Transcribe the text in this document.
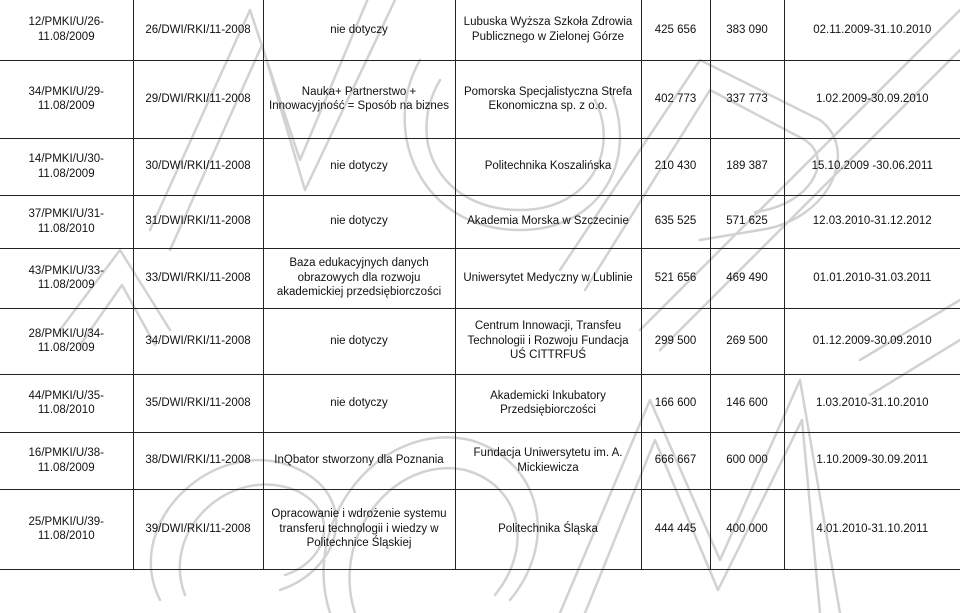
12/PMKI/U/26-11.08/2009	26/DWI/RKI/11-2008	nie dotyczy	Lubuska Wyższa Szkoła Zdrowia Publicznego w Zielonej Górze	425 656	383 090	02.11.2009-31.10.2010
34/PMKI/U/29-11.08/2009	29/DWI/RKI/11-2008	Nauka+ Partnerstwo + Innowacyjność = Sposób na biznes	Pomorska Specjalistyczna Strefa Ekonomiczna sp. z o.o.	402 773	337 773	1.02.2009-30.09.2010
14/PMKI/U/30-11.08/2009	30/DWI/RKI/11-2008	nie dotyczy	Politechnika Koszalińska	210 430	189 387	15.10.2009 -30.06.2011
37/PMKI/U/31-11.08/2010	31/DWI/RKI/11-2008	nie dotyczy	Akademia Morska w Szczecinie	635 525	571 625	12.03.2010-31.12.2012
43/PMKI/U/33-11.08/2009	33/DWI/RKI/11-2008	Baza edukacyjnych danych obrazowych dla rozwoju akademickiej przedsiębiorczości	Uniwersytet Medyczny w Lublinie	521 656	469 490	01.01.2010-31.03.2011
28/PMKI/U/34-11.08/2009	34/DWI/RKI/11-2008	nie dotyczy	Centrum Innowacji, Transfeu Technologii i Rozwoju Fundacja UŚ CITTRFUŚ	299 500	269 500	01.12.2009-30.09.2010
44/PMKI/U/35-11.08/2010	35/DWI/RKI/11-2008	nie dotyczy	Akademicki Inkubatory Przedsiębiorczości	166 600	146 600	1.03.2010-31.10.2010
16/PMKI/U/38-11.08/2009	38/DWI/RKI/11-2008	InQbator stworzony dla Poznania	Fundacja Uniwersytetu im. A. Mickiewicza	666 667	600 000	1.10.2009-30.09.2011
25/PMKI/U/39-11.08/2010	39/DWI/RKI/11-2008	Opracowanie i wdrożenie systemu transferu technologii i wiedzy w Politechnice Śląskiej	Politechnika Śląska	444 445	400 000	4.01.2010-31.10.2011
